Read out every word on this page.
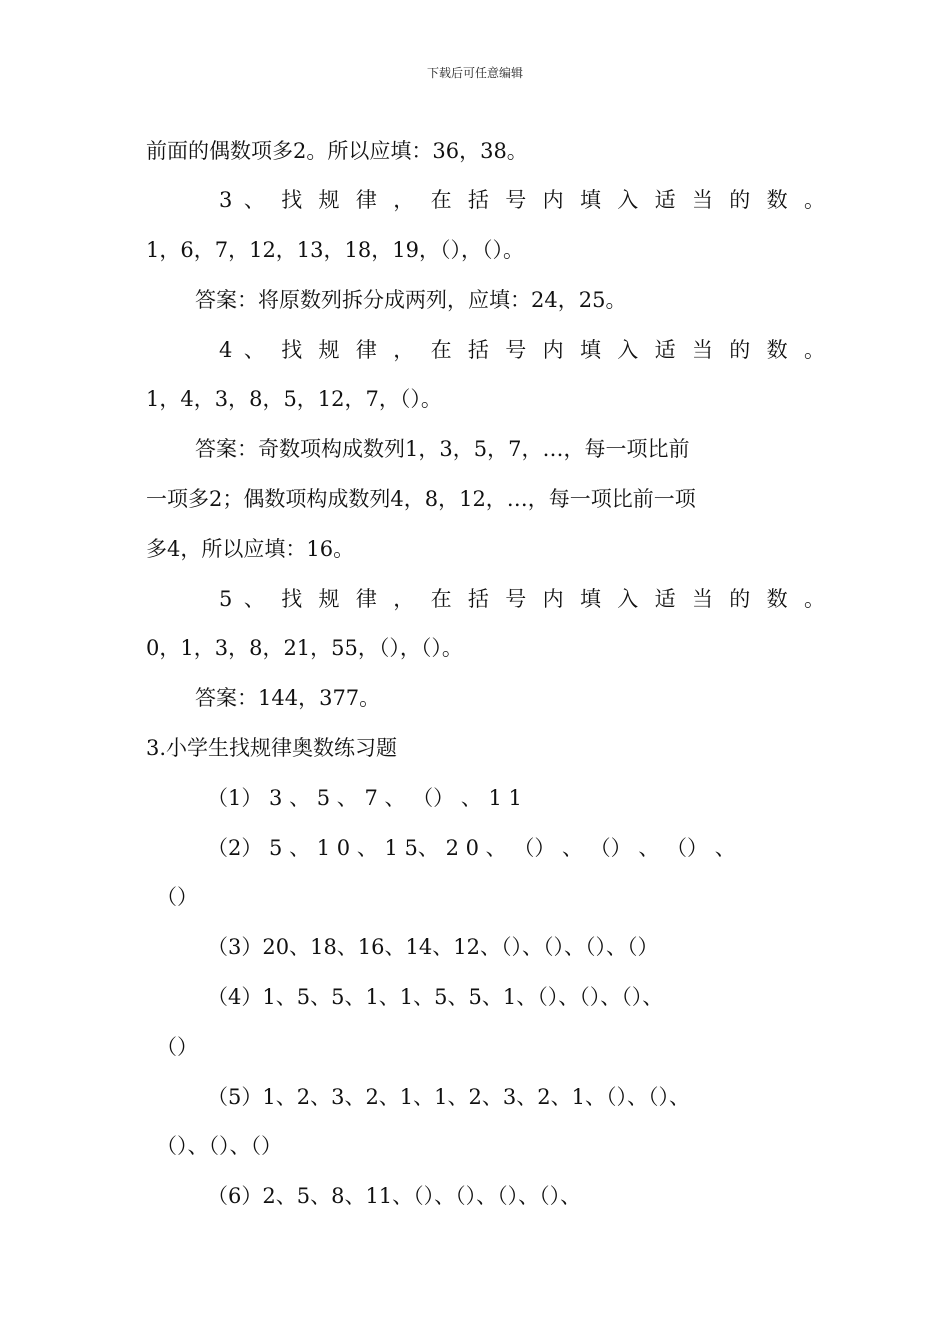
下载后可任意编辑
前面的偶数项多2。所以应填：36，38。
3 、 找 规 律 ， 在 括 号 内 填 入 适 当 的 数 。
1，6，7，12，13，18，19，（），（）。
答案：将原数列拆分成两列，应填：24，25。
4 、 找 规 律 ， 在 括 号 内 填 入 适 当 的 数 。
1，4，3，8，5，12，7，（）。
答案：奇数项构成数列1，3，5，7，…，每一项比前
一项多2；偶数项构成数列4，8，12，…，每一项比前一项
多4，所以应填：16。
5 、 找 规 律 ， 在 括 号 内 填 入 适 当 的 数 。
0，1，3，8，21，55，（），（）。
答案：144，377。
3.小学生找规律奥数练习题
（1） 3 、 5 、 7 、 （） 、 1 1
（2） 5 、 1 0 、 1 5、 2 0 、 （） 、 （） 、 （） 、
（）
（3）20、18、16、14、12、（）、（）、（）、（）
（4）1、5、5、1、1、5、5、1、（）、（）、（）、
（）
（5）1、2、3、2、1、1、2、3、2、1、（）、（）、
（）、（）、（）
（6）2、5、8、11、（）、（）、（）、（）、
